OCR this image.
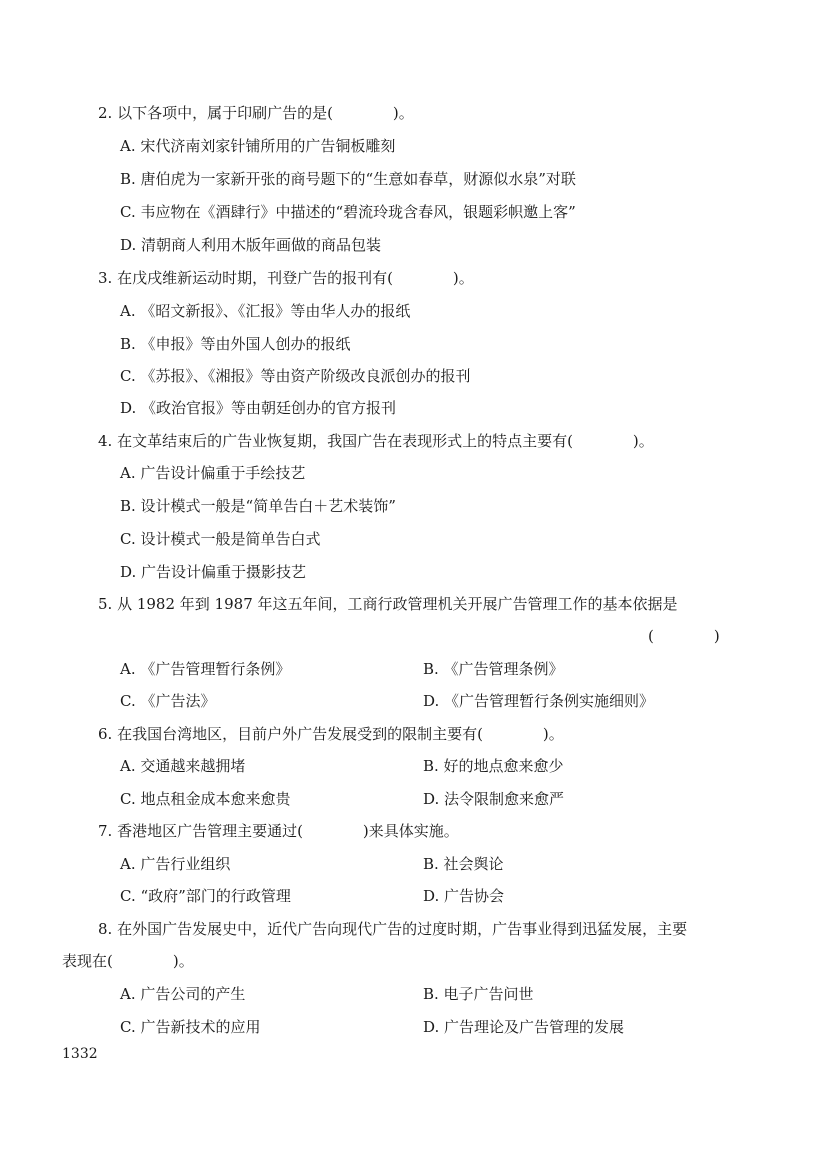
2. 以下各项中，属于印刷广告的是(　　　　)。
A. 宋代济南刘家针铺所用的广告铜板雕刻
B. 唐伯虎为一家新开张的商号题下的“生意如春草，财源似水泉”对联
C. 韦应物在《酒肆行》中描述的“碧流玲珑含春风，银题彩帜邀上客”
D. 清朝商人利用木版年画做的商品包装
3. 在戊戌维新运动时期，刊登广告的报刊有(　　　　)。
A. 《昭文新报》、《汇报》等由华人办的报纸
B. 《申报》等由外国人创办的报纸
C. 《苏报》、《湘报》等由资产阶级改良派创办的报刊
D. 《政治官报》等由朝廷创办的官方报刊
4. 在文革结束后的广告业恢复期，我国广告在表现形式上的特点主要有(　　　　)。
A. 广告设计偏重于手绘技艺
B. 设计模式一般是“简单告白＋艺术装饰”
C. 设计模式一般是简单告白式
D. 广告设计偏重于摄影技艺
5. 从 1982 年到 1987 年这五年间，工商行政管理机关开展广告管理工作的基本依据是
(　　　　)
A. 《广告管理暂行条例》	B. 《广告管理条例》
C. 《广告法》	D. 《广告管理暂行条例实施细则》
6. 在我国台湾地区，目前户外广告发展受到的限制主要有(　　　　)。
A. 交通越来越拥堵	B. 好的地点愈来愈少
C. 地点租金成本愈来愈贵	D. 法令限制愈来愈严
7. 香港地区广告管理主要通过(　　　　)来具体实施。
A. 广告行业组织	B. 社会舆论
C. “政府”部门的行政管理	D. 广告协会
8. 在外国广告发展史中，近代广告向现代广告的过度时期，广告事业得到迅猛发展，主要
表现在(　　　　)。
A. 广告公司的产生	B. 电子广告问世
C. 广告新技术的应用	D. 广告理论及广告管理的发展
1332
